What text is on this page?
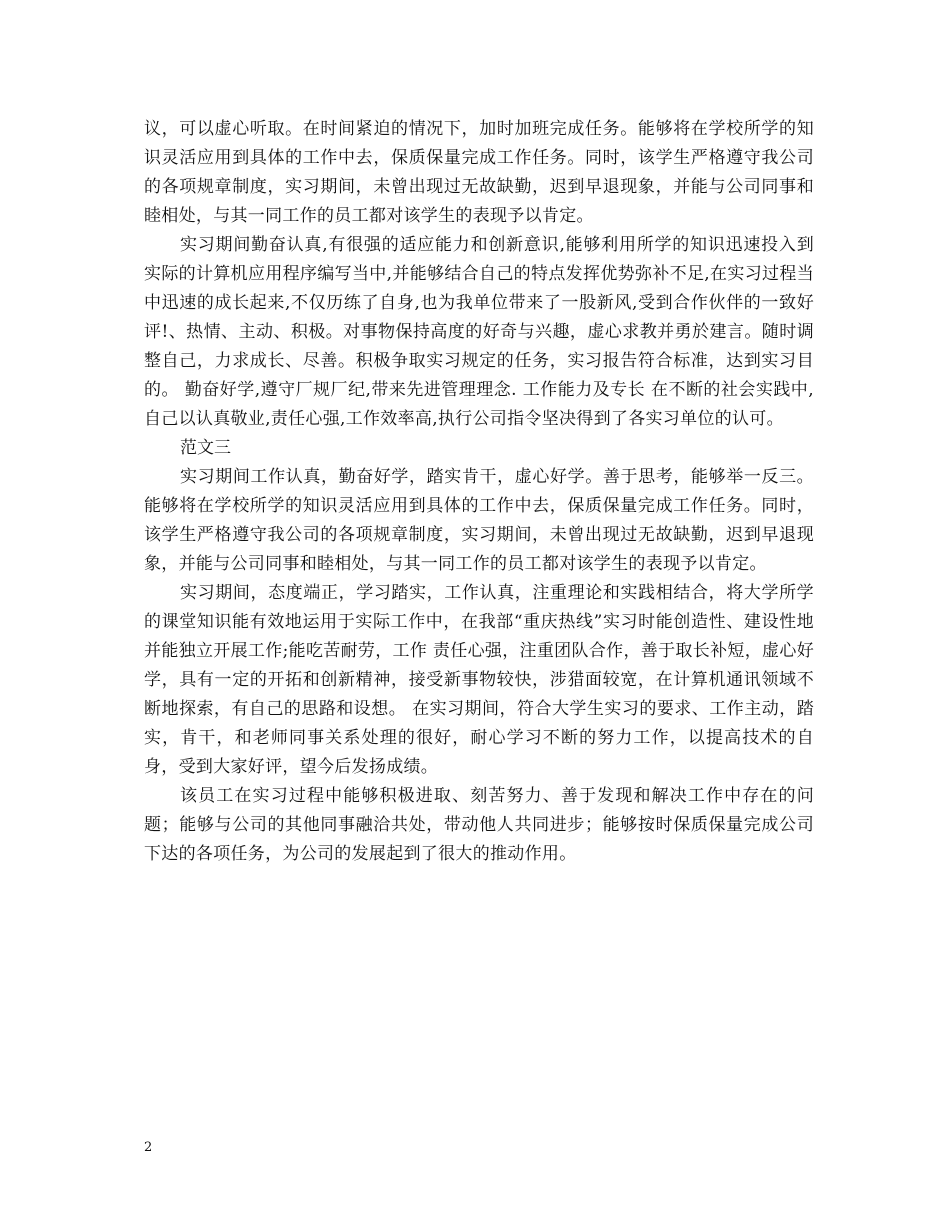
议，可以虚心听取。在时间紧迫的情况下，加时加班完成任务。能够将在学校所学的知识灵活应用到具体的工作中去，保质保量完成工作任务。同时，该学生严格遵守我公司的各项规章制度，实习期间，未曾出现过无故缺勤，迟到早退现象，并能与公司同事和睦相处，与其一同工作的员工都对该学生的表现予以肯定。

实习期间勤奋认真,有很强的适应能力和创新意识,能够利用所学的知识迅速投入到实际的计算机应用程序编写当中,并能够结合自己的特点发挥优势弥补不足,在实习过程当中迅速的成长起来,不仅历练了自身,也为我单位带来了一股新风,受到合作伙伴的一致好评!、热情、主动、积极。对事物保持高度的好奇与兴趣，虚心求教并勇於建言。随时调整自己，力求成长、尽善。积极争取实习规定的任务，实习报告符合标准，达到实习目的。 勤奋好学,遵守厂规厂纪,带来先进管理理念. 工作能力及专长 在不断的社会实践中,自己以认真敬业,责任心强,工作效率高,执行公司指令坚决得到了各实习单位的认可。

范文三

实习期间工作认真，勤奋好学，踏实肯干，虚心好学。善于思考，能够举一反三。能够将在学校所学的知识灵活应用到具体的工作中去，保质保量完成工作任务。同时，该学生严格遵守我公司的各项规章制度，实习期间，未曾出现过无故缺勤，迟到早退现象，并能与公司同事和睦相处，与其一同工作的员工都对该学生的表现予以肯定。

实习期间，态度端正，学习踏实，工作认真，注重理论和实践相结合，将大学所学的课堂知识能有效地运用于实际工作中，在我部“重庆热线”实习时能创造性、建设性地并能独立开展工作;能吃苦耐劳，工作 责任心强，注重团队合作，善于取长补短，虚心好学，具有一定的开拓和创新精神，接受新事物较快，涉猎面较宽，在计算机通讯领域不断地探索，有自己的思路和设想。 在实习期间，符合大学生实习的要求、工作主动，踏实，肯干，和老师同事关系处理的很好，耐心学习不断的努力工作，以提高技术的自身，受到大家好评，望今后发扬成绩。

该员工在实习过程中能够积极进取、刻苦努力、善于发现和解决工作中存在的问题；能够与公司的其他同事融洽共处，带动他人共同进步；能够按时保质保量完成公司下达的各项任务，为公司的发展起到了很大的推动作用。

2
